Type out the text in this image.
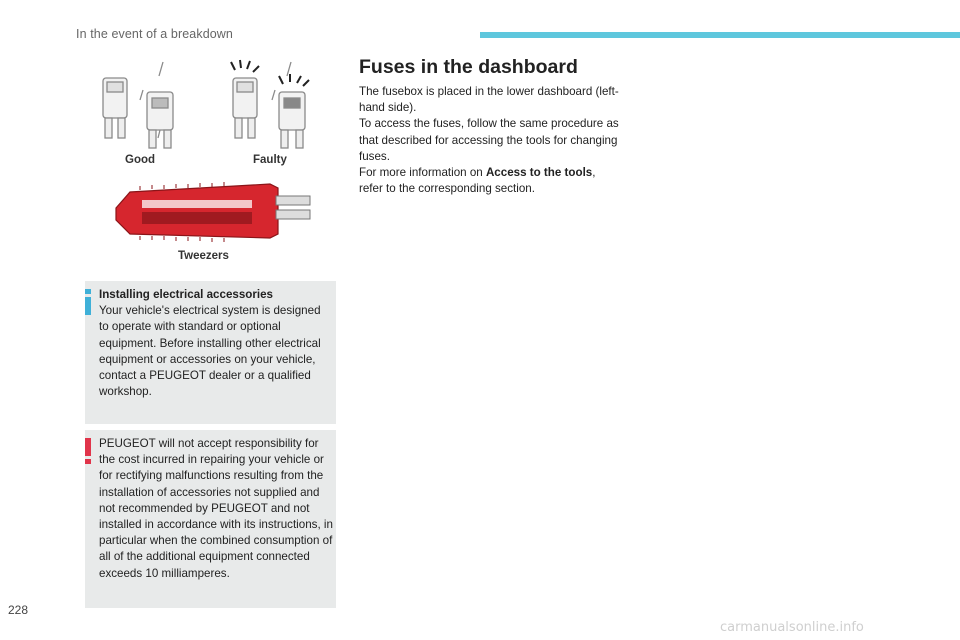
In the event of a breakdown
Good	Faulty
Tweezers
Installing electrical accessories
Your vehicle's electrical system is designed to operate with standard or optional equipment. Before installing other electrical equipment or accessories on your vehicle, contact a PEUGEOT dealer or a qualified workshop.
PEUGEOT will not accept responsibility for the cost incurred in repairing your vehicle or for rectifying malfunctions resulting from the installation of accessories not supplied and not recommended by PEUGEOT and not installed in accordance with its instructions, in particular when the combined consumption of all of the additional equipment connected exceeds 10 milliamperes.
Fuses in the dashboard

The fusebox is placed in the lower dashboard (left-hand side).

To access the fuses, follow the same procedure as that described for accessing the tools for changing fuses.

For more information on Access to the tools,

refer to the corresponding section.

228
carmanualsonline.info
